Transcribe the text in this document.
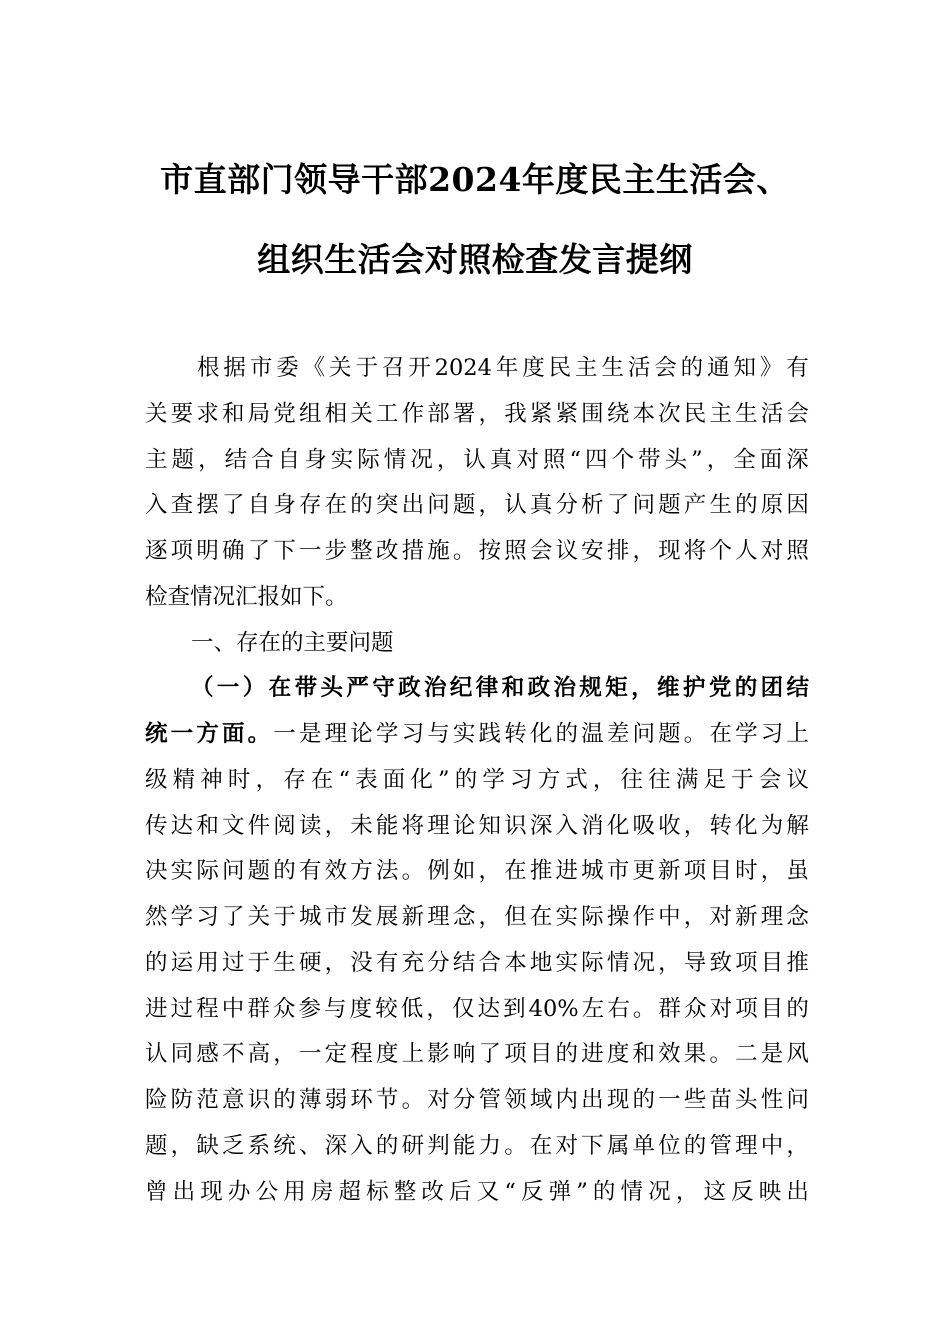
市直部门领导干部2024年度民主生活会、
组织生活会对照检查发言提纲
根 据 市 委 《 关 于 召 开 2024 年 度 民 主 生 活 会 的 通 知 》 有
关 要 求 和 局 党 组 相 关 工 作 部 署 ， 我 紧 紧 围 绕 本 次 民 主 生 活 会
主 题 ， 结 合 自 身 实 际 情 况 ， 认 真 对 照 “ 四 个 带 头 ” ， 全 面 深
入 查 摆 了 自 身 存 在 的 突 出 问 题 ， 认 真 分 析 了 问 题 产 生 的 原 因
逐 项 明 确 了 下 一 步 整 改 措 施 。 按 照 会 议 安 排 ， 现 将 个 人 对 照
检查情况汇报如下。
一、存在的主要问题
（ 一 ） 在 带 头 严 守 政 治 纪 律 和 政 治 规 矩 ， 维 护 党 的 团 结
统 一 方 面 。 一 是 理 论 学 习 与 实 践 转 化 的 温 差 问 题 。 在 学 习 上
级 精 神 时 ， 存 在 “ 表 面 化 ” 的 学 习 方 式 ， 往 往 满 足 于 会 议
传 达 和 文 件 阅 读 ， 未 能 将 理 论 知 识 深 入 消 化 吸 收 ， 转 化 为 解
决 实 际 问 题 的 有 效 方 法 。 例 如 ， 在 推 进 城 市 更 新 项 目 时 ， 虽
然 学 习 了 关 于 城 市 发 展 新 理 念 ， 但 在 实 际 操 作 中 ， 对 新 理 念
的 运 用 过 于 生 硬 ， 没 有 充 分 结 合 本 地 实 际 情 况 ， 导 致 项 目 推
进 过 程 中 群 众 参 与 度 较 低 ， 仅 达 到 40% 左 右 。 群 众 对 项 目 的
认 同 感 不 高 ， 一 定 程 度 上 影 响 了 项 目 的 进 度 和 效 果 。 二 是 风
险 防 范 意 识 的 薄 弱 环 节 。 对 分 管 领 域 内 出 现 的 一 些 苗 头 性 问
题 ， 缺 乏 系 统 、 深 入 的 研 判 能 力 。 在 对 下 属 单 位 的 管 理 中 ，
曾 出 现 办 公 用 房 超 标 整 改 后 又 “ 反 弹 ” 的 情 况 ， 这 反 映 出
